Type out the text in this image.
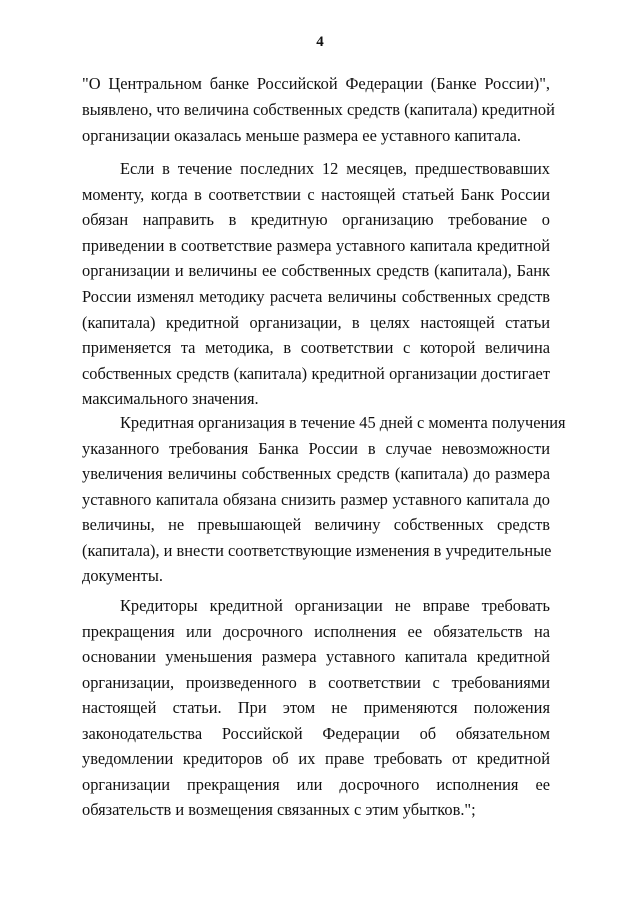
4
"О Центральном банке Российской Федерации (Банке России)",
выявлено, что величина собственных средств (капитала) кредитной
организации оказалась меньше размера ее уставного капитала.
Если в течение последних 12 месяцев, предшествовавших
моменту, когда в соответствии с настоящей статьей Банк России
обязан направить в кредитную организацию требование о
приведении в соответствие размера уставного капитала кредитной
организации и величины ее собственных средств (капитала), Банк
России изменял методику расчета величины собственных средств
(капитала) кредитной организации, в целях настоящей статьи
применяется та методика, в соответствии с которой величина
собственных средств (капитала) кредитной организации достигает
максимального значения.
Кредитная организация в течение 45 дней с момента получения
указанного требования Банка России в случае невозможности
увеличения величины собственных средств (капитала) до размера
уставного капитала обязана снизить размер уставного капитала до
величины, не превышающей величину собственных средств
(капитала), и внести соответствующие изменения в учредительные
документы.
Кредиторы кредитной организации не вправе требовать
прекращения или досрочного исполнения ее обязательств на
основании уменьшения размера уставного капитала кредитной
организации, произведенного в соответствии с требованиями
настоящей статьи. При этом не применяются положения
законодательства Российской Федерации об обязательном
уведомлении кредиторов об их праве требовать от кредитной
организации прекращения или досрочного исполнения ее
обязательств и возмещения связанных с этим убытков.";
